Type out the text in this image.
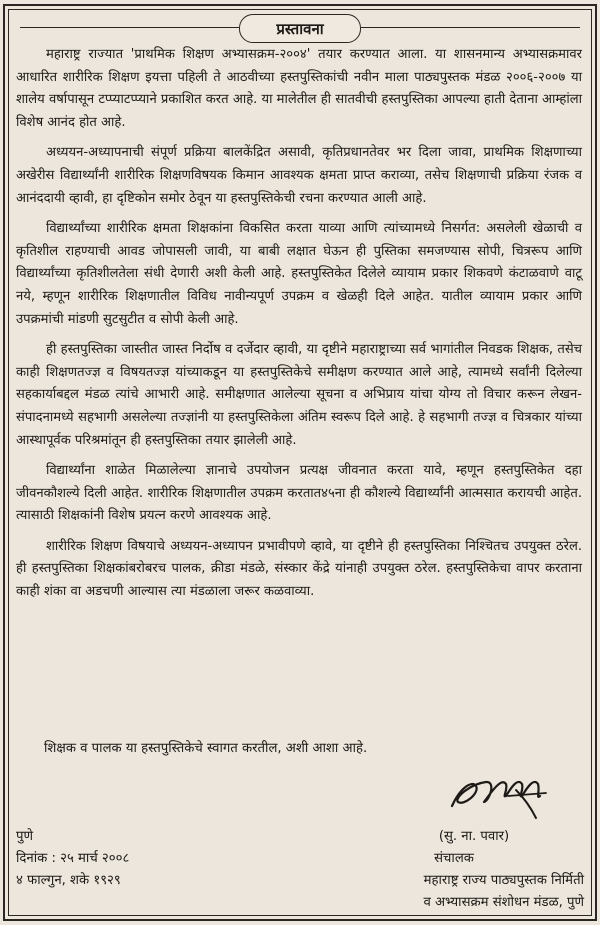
प्रस्तावना

महाराष्ट्र राज्यात 'प्राथमिक शिक्षण अभ्यासक्रम-२००४' तयार करण्यात आला. या शासनमान्य अभ्यासक्रमावर आधारित शारीरिक शिक्षण इयत्ता पहिली ते आठवीच्या हस्तपुस्तिकांची नवीन माला पाठ्यपुस्तक मंडळ २००६-२००७ या शालेय वर्षापासून टप्प्याटप्प्याने प्रकाशित करत आहे. या मालेतील ही सातवीची हस्तपुस्तिका आपल्या हाती देताना आम्हांला विशेष आनंद होत आहे.

अध्ययन-अध्यापनाची संपूर्ण प्रक्रिया बालकेंद्रित असावी, कृतिप्रधानतेवर भर दिला जावा, प्राथमिक शिक्षणाच्या अखेरीस विद्यार्थ्यांनी शारीरिक शिक्षणविषयक किमान आवश्यक क्षमता प्राप्त कराव्या, तसेच शिक्षणाची प्रक्रिया रंजक व आनंददायी व्हावी, हा दृष्टिकोन समोर ठेवून या हस्तपुस्तिकेची रचना करण्यात आली आहे.

विद्यार्थ्यांच्या शारीरिक क्षमता शिक्षकांना विकसित करता याव्या आणि त्यांच्यामध्ये निसर्गत: असलेली खेळाची व कृतिशील राहण्याची आवड जोपासली जावी, या बाबी लक्षात घेऊन ही पुस्तिका समजण्यास सोपी, चित्ररूप आणि विद्यार्थ्यांच्या कृतिशीलतेला संधी देणारी अशी केली आहे. हस्तपुस्तिकेत दिलेले व्यायाम प्रकार शिकवणे कंटाळवाणे वाटू नये, म्हणून शारीरिक शिक्षणातील विविध नावीन्यपूर्ण उपक्रम व खेळही दिले आहेत. यातील व्यायाम प्रकार आणि उपक्रमांची मांडणी सुटसुटीत व सोपी केली आहे.

ही हस्तपुस्तिका जास्तीत जास्त निर्दोष व दर्जेदार व्हावी, या दृष्टीने महाराष्ट्राच्या सर्व भागांतील निवडक शिक्षक, तसेच काही शिक्षणतज्ज्ञ व विषयतज्ज्ञ यांच्याकडून या हस्तपुस्तिकेचे समीक्षण करण्यात आले आहे, त्यामध्ये सर्वांनी दिलेल्या सहकार्याबद्दल मंडळ त्यांचे आभारी आहे. समीक्षणात आलेल्या सूचना व अभिप्राय यांचा योग्य तो विचार करून लेखन-संपादनामध्ये सहभागी असलेल्या तज्ज्ञांनी या हस्तपुस्तिकेला अंतिम स्वरूप दिले आहे. हे सहभागी तज्ज्ञ व चित्रकार यांच्या आस्थापूर्वक परिश्रमांतून ही हस्तपुस्तिका तयार झालेली आहे.

विद्यार्थ्यांना शाळेत मिळालेल्या ज्ञानाचे उपयोजन प्रत्यक्ष जीवनात करता यावे, म्हणून हस्तपुस्तिकेत दहा जीवनकौशल्ये दिली आहेत. शारीरिक शिक्षणातील उपक्रम करतात४५ना ही कौशल्ये विद्यार्थ्यांनी आत्मसात करायची आहेत. त्यासाठी शिक्षकांनी विशेष प्रयत्न करणे आवश्यक आहे.

शारीरिक शिक्षण विषयाचे अध्ययन-अध्यापन प्रभावीपणे व्हावे, या दृष्टीने ही हस्तपुस्तिका निश्चितच उपयुक्त ठरेल. ही हस्तपुस्तिका शिक्षकांबरोबरच पालक, क्रीडा मंडळे, संस्कार केंद्रे यांनाही उपयुक्त ठरेल. हस्तपुस्तिकेचा वापर करताना काही शंका वा अडचणी आल्यास त्या मंडळाला जरूर कळवाव्या.

शिक्षक व पालक या हस्तपुस्तिकेचे स्वागत करतील, अशी आशा आहे.
पुणे
दिनांक : २५ मार्च २००८
४ फाल्गुन, शके १९२९
(सु. ना. पवार)
संचालक
महाराष्ट्र राज्य पाठ्यपुस्तक निर्मिती
व अभ्यासक्रम संशोधन मंडळ, पुणे
